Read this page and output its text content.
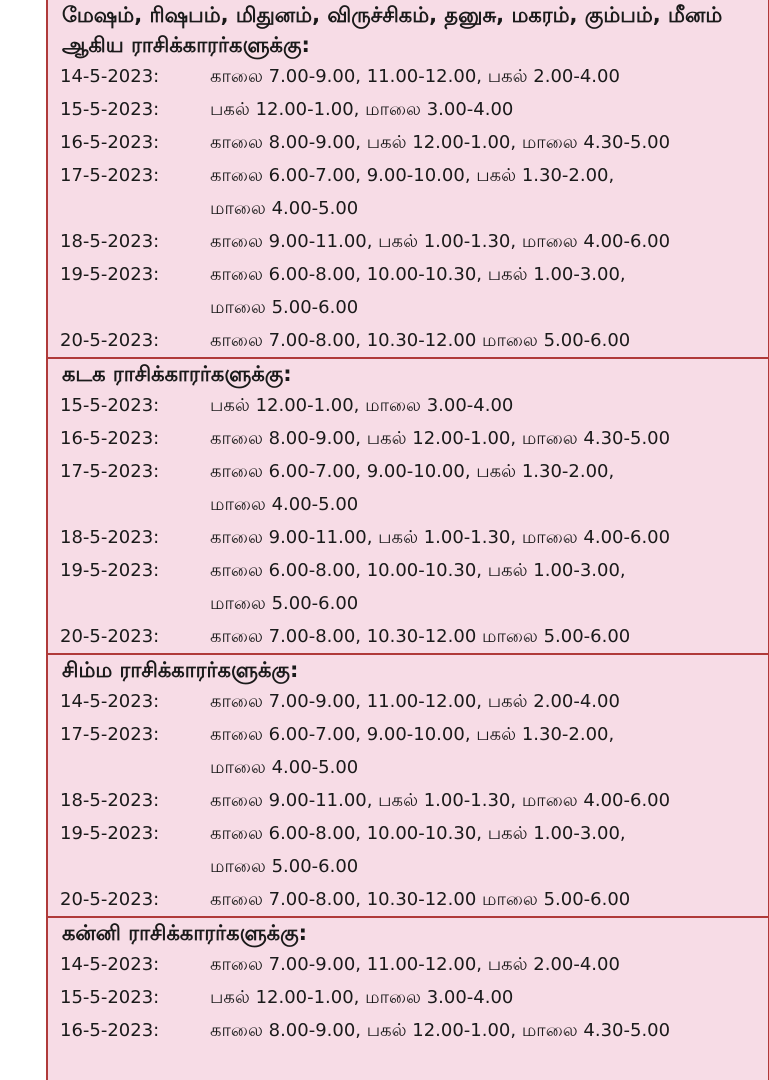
மேஷம், ரிஷபம், மிதுனம், விருச்சிகம், தனுசு, மகரம், கும்பம், மீனம் ஆகிய ராசிக்காரர்களுக்கு:
14-5-2023:	காலை 7.00-9.00, 11.00-12.00, பகல் 2.00-4.00
15-5-2023:	பகல் 12.00-1.00, மாலை 3.00-4.00
16-5-2023:	காலை 8.00-9.00, பகல் 12.00-1.00, மாலை 4.30-5.00
17-5-2023:	காலை 6.00-7.00, 9.00-10.00, பகல் 1.30-2.00,
மாலை 4.00-5.00
18-5-2023:	காலை 9.00-11.00, பகல் 1.00-1.30, மாலை 4.00-6.00
19-5-2023:	காலை 6.00-8.00, 10.00-10.30, பகல் 1.00-3.00,
மாலை 5.00-6.00
20-5-2023:	காலை 7.00-8.00, 10.30-12.00 மாலை 5.00-6.00
கடக ராசிக்காரர்களுக்கு:
15-5-2023:	பகல் 12.00-1.00, மாலை 3.00-4.00
16-5-2023:	காலை 8.00-9.00, பகல் 12.00-1.00, மாலை 4.30-5.00
17-5-2023:	காலை 6.00-7.00, 9.00-10.00, பகல் 1.30-2.00,
மாலை 4.00-5.00
18-5-2023:	காலை 9.00-11.00, பகல் 1.00-1.30, மாலை 4.00-6.00
19-5-2023:	காலை 6.00-8.00, 10.00-10.30, பகல் 1.00-3.00,
மாலை 5.00-6.00
20-5-2023:	காலை 7.00-8.00, 10.30-12.00 மாலை 5.00-6.00
சிம்ம ராசிக்காரர்களுக்கு:
14-5-2023:	காலை 7.00-9.00, 11.00-12.00, பகல் 2.00-4.00
17-5-2023:	காலை 6.00-7.00, 9.00-10.00, பகல் 1.30-2.00,
மாலை 4.00-5.00
18-5-2023:	காலை 9.00-11.00, பகல் 1.00-1.30, மாலை 4.00-6.00
19-5-2023:	காலை 6.00-8.00, 10.00-10.30, பகல் 1.00-3.00,
மாலை 5.00-6.00
20-5-2023:	காலை 7.00-8.00, 10.30-12.00 மாலை 5.00-6.00
கன்னி ராசிக்காரர்களுக்கு:
14-5-2023:	காலை 7.00-9.00, 11.00-12.00, பகல் 2.00-4.00
15-5-2023:	பகல் 12.00-1.00, மாலை 3.00-4.00
16-5-2023:	காலை 8.00-9.00, பகல் 12.00-1.00, மாலை 4.30-5.00
